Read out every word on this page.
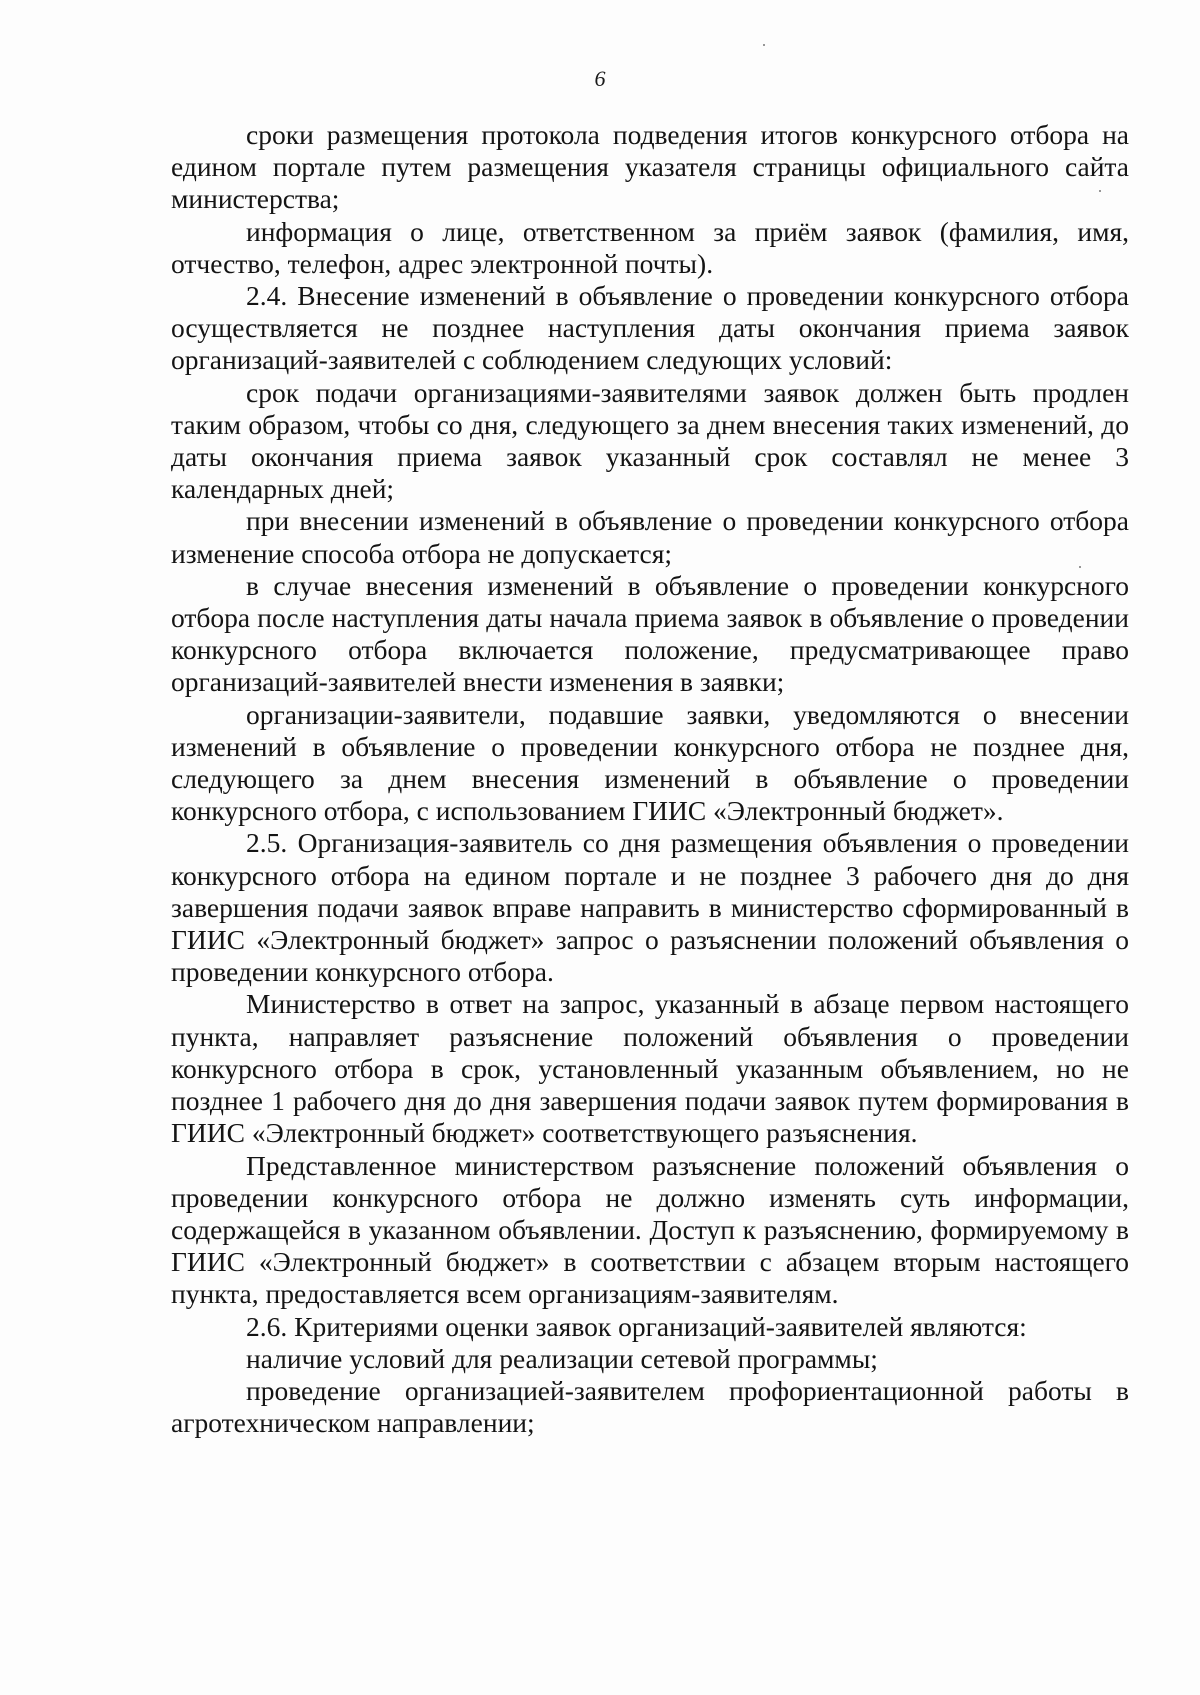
6

сроки размещения протокола подведения итогов конкурсного отбора на едином портале путем размещения указателя страницы официального сайта министерства;

информация о лице, ответственном за приём заявок (фамилия, имя, отчество, телефон, адрес электронной почты).

2.4. Внесение изменений в объявление о проведении конкурсного отбора осуществляется не позднее наступления даты окончания приема заявок организаций-заявителей с соблюдением следующих условий:

срок подачи организациями-заявителями заявок должен быть продлен таким образом, чтобы со дня, следующего за днем внесения таких изменений, до даты окончания приема заявок указанный срок составлял не менее 3 календарных дней;

при внесении изменений в объявление о проведении конкурсного отбора изменение способа отбора не допускается;

в случае внесения изменений в объявление о проведении конкурсного отбора после наступления даты начала приема заявок в объявление о проведении конкурсного отбора включается положение, предусматривающее право организаций-заявителей внести изменения в заявки;

организации-заявители, подавшие заявки, уведомляются о внесении изменений в объявление о проведении конкурсного отбора не позднее дня, следующего за днем внесения изменений в объявление о проведении конкурсного отбора, с использованием ГИИС «Электронный бюджет».

2.5. Организация-заявитель со дня размещения объявления о проведении конкурсного отбора на едином портале и не позднее 3 рабочего дня до дня завершения подачи заявок вправе направить в министерство сформированный в ГИИС «Электронный бюджет» запрос о разъяснении положений объявления о проведении конкурсного отбора.

Министерство в ответ на запрос, указанный в абзаце первом настоящего пункта, направляет разъяснение положений объявления о проведении конкурсного отбора в срок, установленный указанным объявлением, но не позднее 1 рабочего дня до дня завершения подачи заявок путем формирования в ГИИС «Электронный бюджет» соответствующего разъяснения.

Представленное министерством разъяснение положений объявления о проведении конкурсного отбора не должно изменять суть информации, содержащейся в указанном объявлении. Доступ к разъяснению, формируемому в ГИИС «Электронный бюджет» в соответствии с абзацем вторым настоящего пункта, предоставляется всем организациям-заявителям.

2.6. Критериями оценки заявок организаций-заявителей являются:

наличие условий для реализации сетевой программы;

проведение организацией-заявителем профориентационной работы в агротехническом направлении;
